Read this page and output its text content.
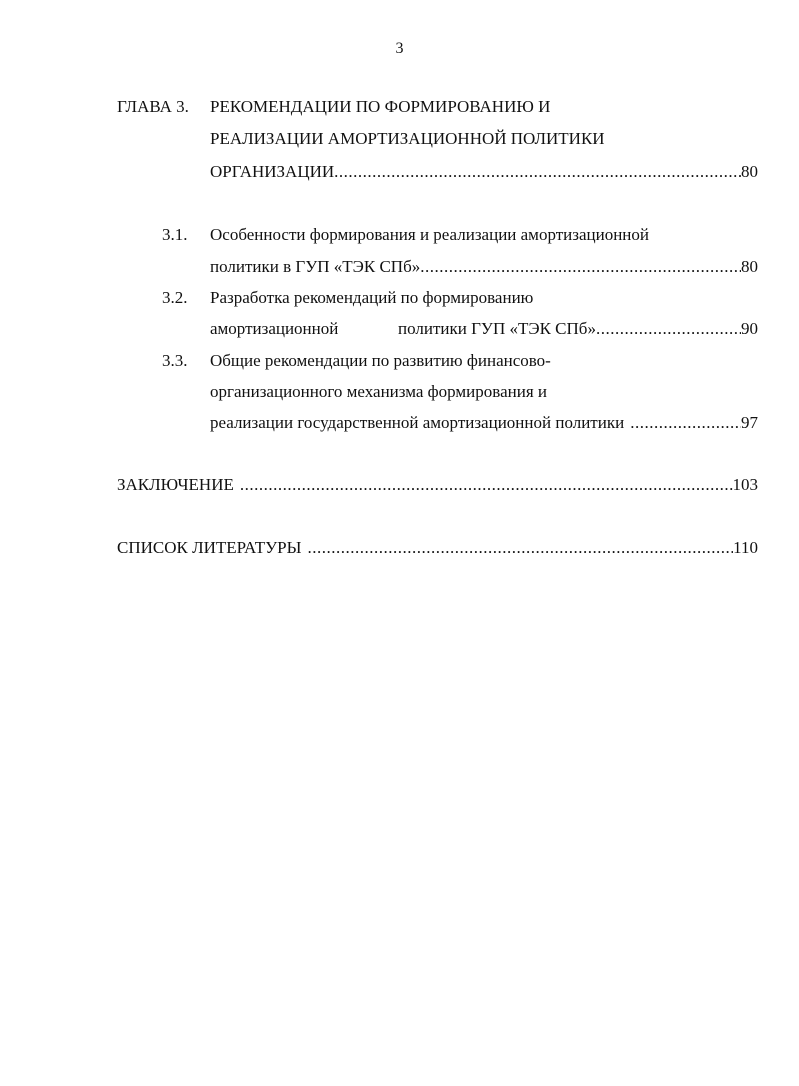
3
ГЛАВА 3. РЕКОМЕНДАЦИИ ПО ФОРМИРОВАНИЮ И
РЕАЛИЗАЦИИ АМОРТИЗАЦИОННОЙ ПОЛИТИКИ
ОРГАНИЗАЦИИ .....	80
3.1. Особенности формирования и реализации амортизационной
политики в ГУП «ТЭК СПб» .....	80
3.2. Разработка рекомендаций по формированию
амортизационной	политики ГУП «ТЭК СПб» .....	90
3.3. Общие рекомендации по развитию финансово-
организационного механизма формирования и
реализации государственной амортизационной политики .....	97
ЗАКЛЮЧЕНИЕ .....	103
СПИСОК ЛИТЕРАТУРЫ .....	110
